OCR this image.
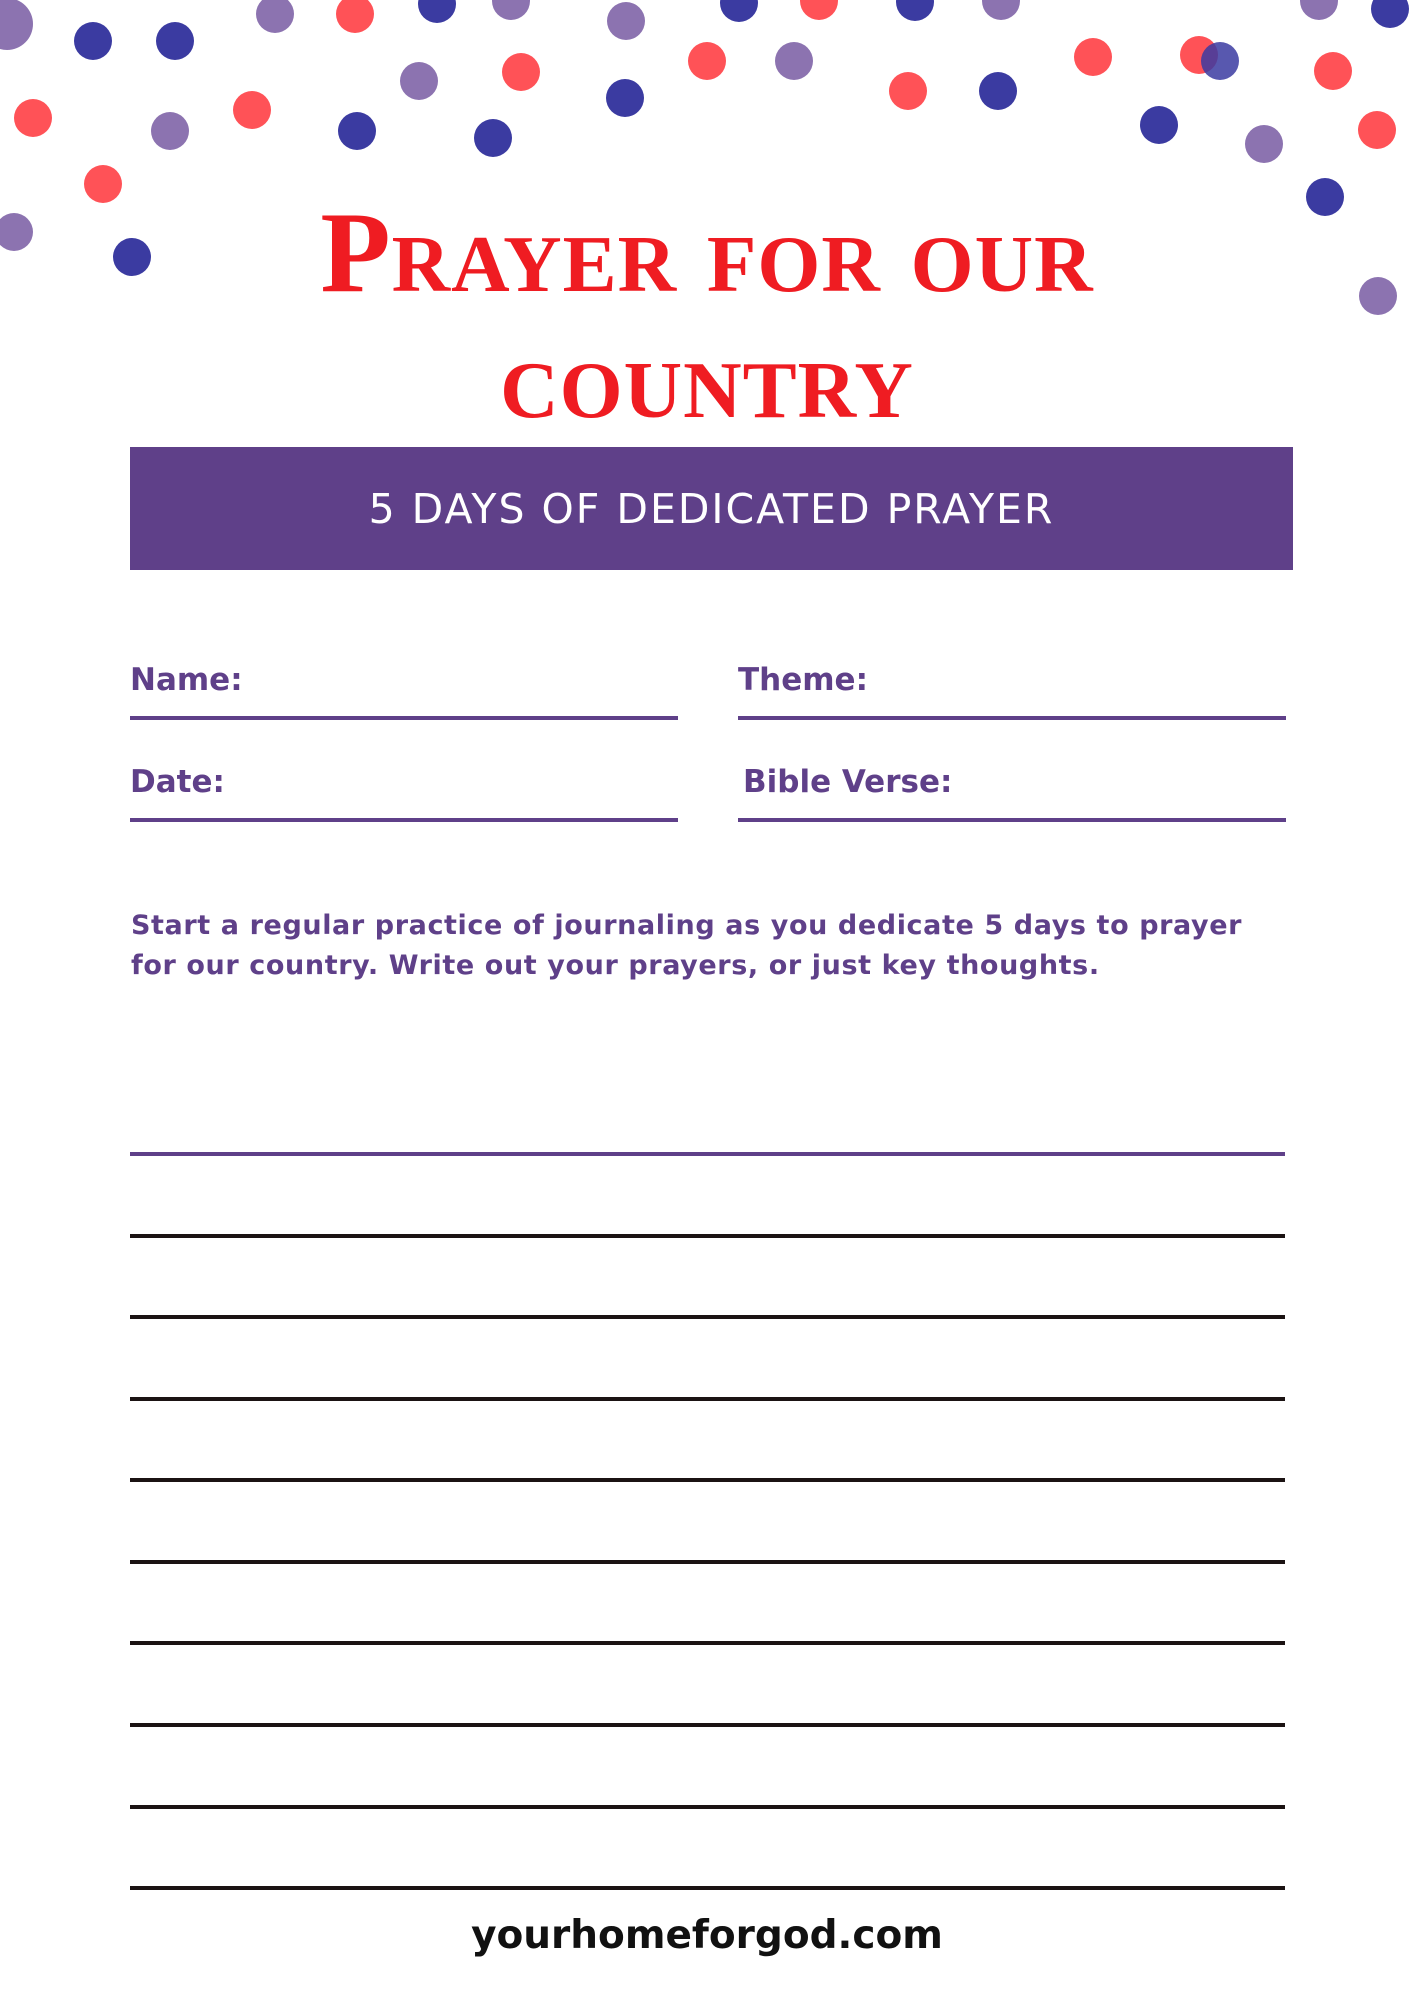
Prayer for our
country
5 DAYS OF DEDICATED PRAYER
Name:	Theme:
Date:	Bible Verse:
Start a regular practice of journaling as you dedicate 5 days to prayer for our country. Write out your prayers, or just key thoughts.
yourhomeforgod.com
